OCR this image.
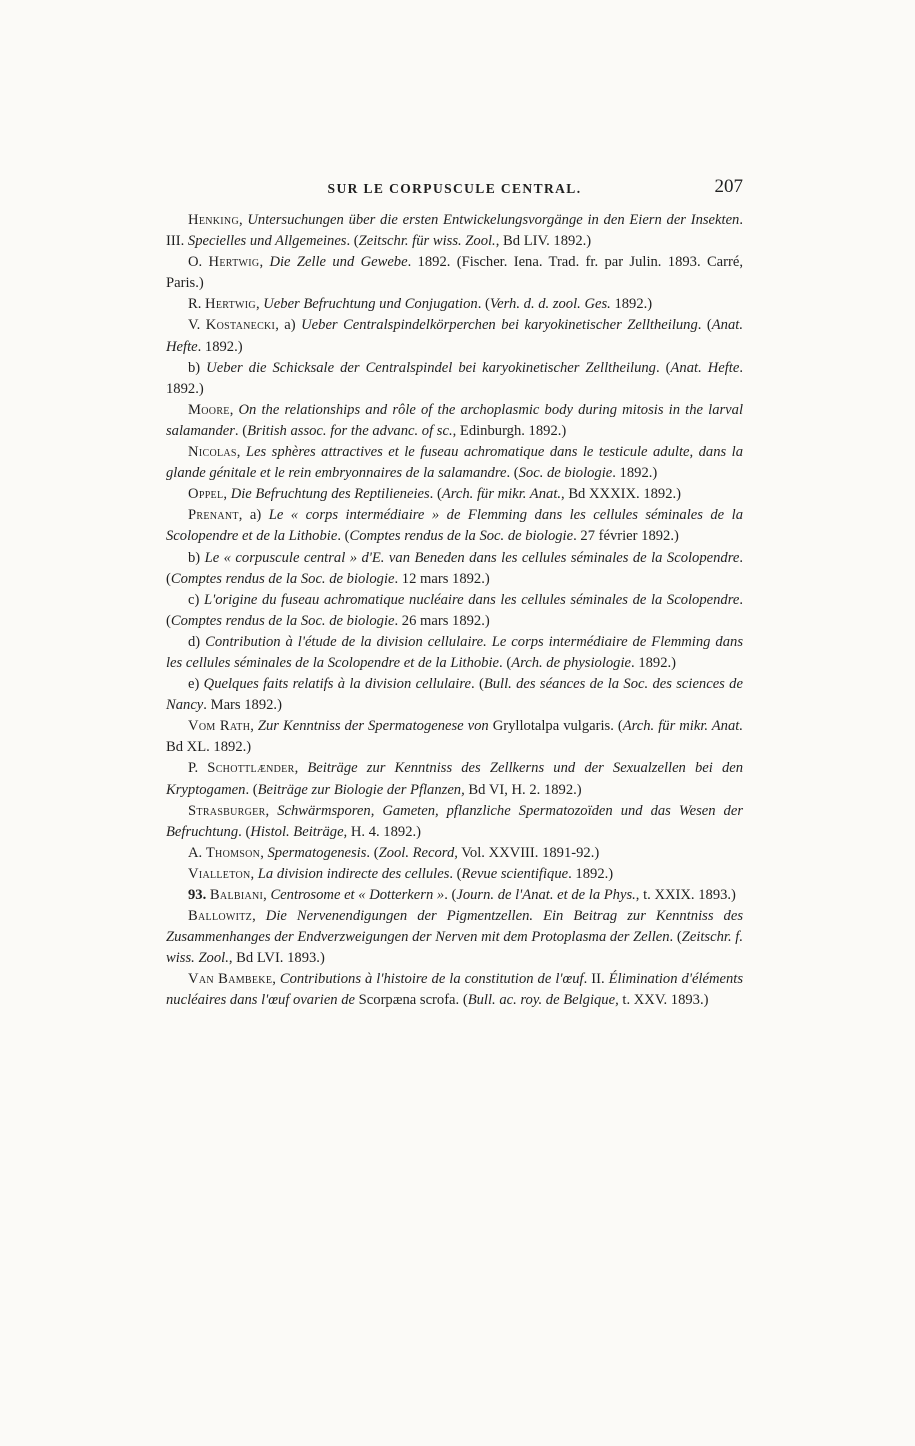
SUR LE CORPUSCULE CENTRAL.	207

Henking, Untersuchungen über die ersten Entwickelungsvorgänge in den Eiern der Insekten. III. Specielles und Allgemeines. (Zeitschr. für wiss. Zool., Bd LIV. 1892.)

O. Hertwig, Die Zelle und Gewebe. 1892. (Fischer. Iena. Trad. fr. par Julin. 1893. Carré, Paris.)

R. Hertwig, Ueber Befruchtung und Conjugation. (Verh. d. d. zool. Ges. 1892.)

V. Kostanecki, a) Ueber Centralspindelkörperchen bei karyokinetischer Zelltheilung. (Anat. Hefte. 1892.)

b) Ueber die Schicksale der Centralspindel bei karyokinetischer Zelltheilung. (Anat. Hefte. 1892.)

Moore, On the relationships and rôle of the archoplasmic body during mitosis in the larval salamander. (British assoc. for the advanc. of sc., Edinburgh. 1892.)

Nicolas, Les sphères attractives et le fuseau achromatique dans le testicule adulte, dans la glande génitale et le rein embryonnaires de la salamandre. (Soc. de biologie. 1892.)

Oppel, Die Befruchtung des Reptilieneies. (Arch. für mikr. Anat., Bd XXXIX. 1892.)

Prenant, a) Le « corps intermédiaire » de Flemming dans les cellules séminales de la Scolopendre et de la Lithobie. (Comptes rendus de la Soc. de biologie. 27 février 1892.)

b) Le « corpuscule central » d'E. van Beneden dans les cellules séminales de la Scolopendre. (Comptes rendus de la Soc. de biologie. 12 mars 1892.)

c) L'origine du fuseau achromatique nucléaire dans les cellules séminales de la Scolopendre. (Comptes rendus de la Soc. de biologie. 26 mars 1892.)

d) Contribution à l'étude de la division cellulaire. Le corps intermédiaire de Flemming dans les cellules séminales de la Scolopendre et de la Lithobie. (Arch. de physiologie. 1892.)

e) Quelques faits relatifs à la division cellulaire. (Bull. des séances de la Soc. des sciences de Nancy. Mars 1892.)

Vom Rath, Zur Kenntniss der Spermatogenese von Gryllotalpa vulgaris. (Arch. für mikr. Anat. Bd XL. 1892.)

P. Schottlænder, Beiträge zur Kenntniss des Zellkerns und der Sexualzellen bei den Kryptogamen. (Beiträge zur Biologie der Pflanzen, Bd VI, H. 2. 1892.)

Strasburger, Schwärmsporen, Gameten, pflanzliche Spermatozoïden und das Wesen der Befruchtung. (Histol. Beiträge, H. 4. 1892.)

A. Thomson, Spermatogenesis. (Zool. Record, Vol. XXVIII. 1891-92.)

Vialleton, La division indirecte des cellules. (Revue scientifique. 1892.)

93. Balbiani, Centrosome et « Dotterkern ». (Journ. de l'Anat. et de la Phys., t. XXIX. 1893.)

Ballowitz, Die Nervenendigungen der Pigmentzellen. Ein Beitrag zur Kenntniss des Zusammenhanges der Endverzweigungen der Nerven mit dem Protoplasma der Zellen. (Zeitschr. f. wiss. Zool., Bd LVI. 1893.)

Van Bambeke, Contributions à l'histoire de la constitution de l'œuf. II. Élimination d'éléments nucléaires dans l'œuf ovarien de Scorpæna scrofa. (Bull. ac. roy. de Belgique, t. XXV. 1893.)
